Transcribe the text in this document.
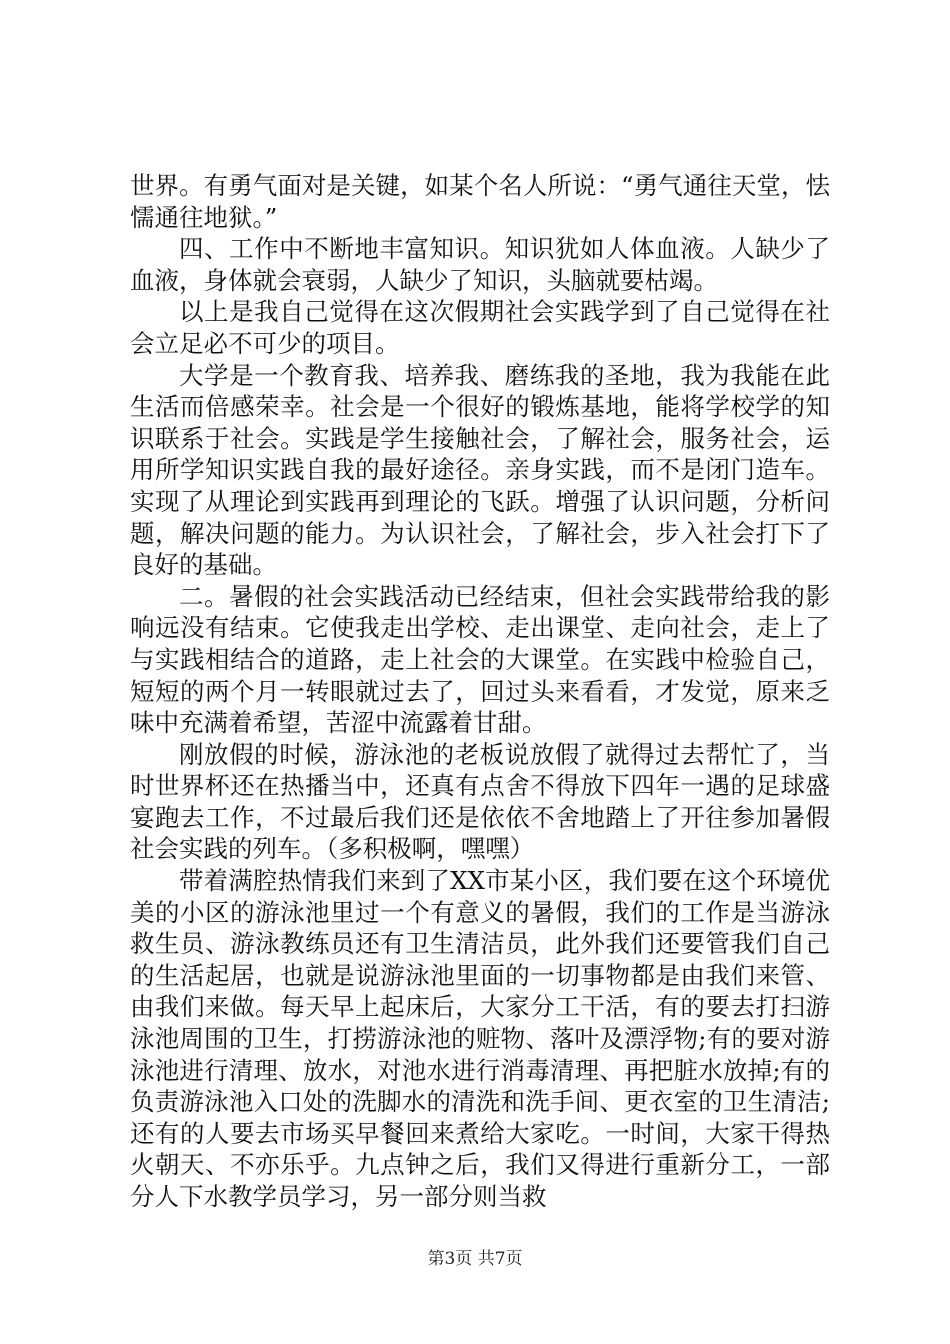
世界。有勇气面对是关键，如某个名人所说：“勇气通往天堂，怯懦通往地狱。”

四、工作中不断地丰富知识。知识犹如人体血液。人缺少了血液，身体就会衰弱，人缺少了知识，头脑就要枯竭。

以上是我自己觉得在这次假期社会实践学到了自己觉得在社会立足必不可少的项目。

大学是一个教育我、培养我、磨练我的圣地，我为我能在此生活而倍感荣幸。社会是一个很好的锻炼基地，能将学校学的知识联系于社会。实践是学生接触社会，了解社会，服务社会，运用所学知识实践自我的最好途径。亲身实践，而不是闭门造车。实现了从理论到实践再到理论的飞跃。增强了认识问题，分析问题，解决问题的能力。为认识社会，了解社会，步入社会打下了良好的基础。

二。暑假的社会实践活动已经结束，但社会实践带给我的影响远没有结束。它使我走出学校、走出课堂、走向社会，走上了与实践相结合的道路，走上社会的大课堂。在实践中检验自己，短短的两个月一转眼就过去了，回过头来看看，才发觉，原来乏味中充满着希望，苦涩中流露着甘甜。

刚放假的时候，游泳池的老板说放假了就得过去帮忙了，当时世界杯还在热播当中，还真有点舍不得放下四年一遇的足球盛宴跑去工作，不过最后我们还是依依不舍地踏上了开往参加暑假社会实践的列车。（多积极啊，嘿嘿）

带着满腔热情我们来到了XX市某小区，我们要在这个环境优美的小区的游泳池里过一个有意义的暑假，我们的工作是当游泳救生员、游泳教练员还有卫生清洁员，此外我们还要管我们自己的生活起居，也就是说游泳池里面的一切事物都是由我们来管、由我们来做。每天早上起床后，大家分工干活，有的要去打扫游泳池周围的卫生，打捞游泳池的赃物、落叶及漂浮物;有的要对游泳池进行清理、放水，对池水进行消毒清理、再把脏水放掉;有的负责游泳池入口处的洗脚水的清洗和洗手间、更衣室的卫生清洁;还有的人要去市场买早餐回来煮给大家吃。一时间，大家干得热火朝天、不亦乐乎。九点钟之后，我们又得进行重新分工，一部分人下水教学员学习，另一部分则当救

第3页 共7页
